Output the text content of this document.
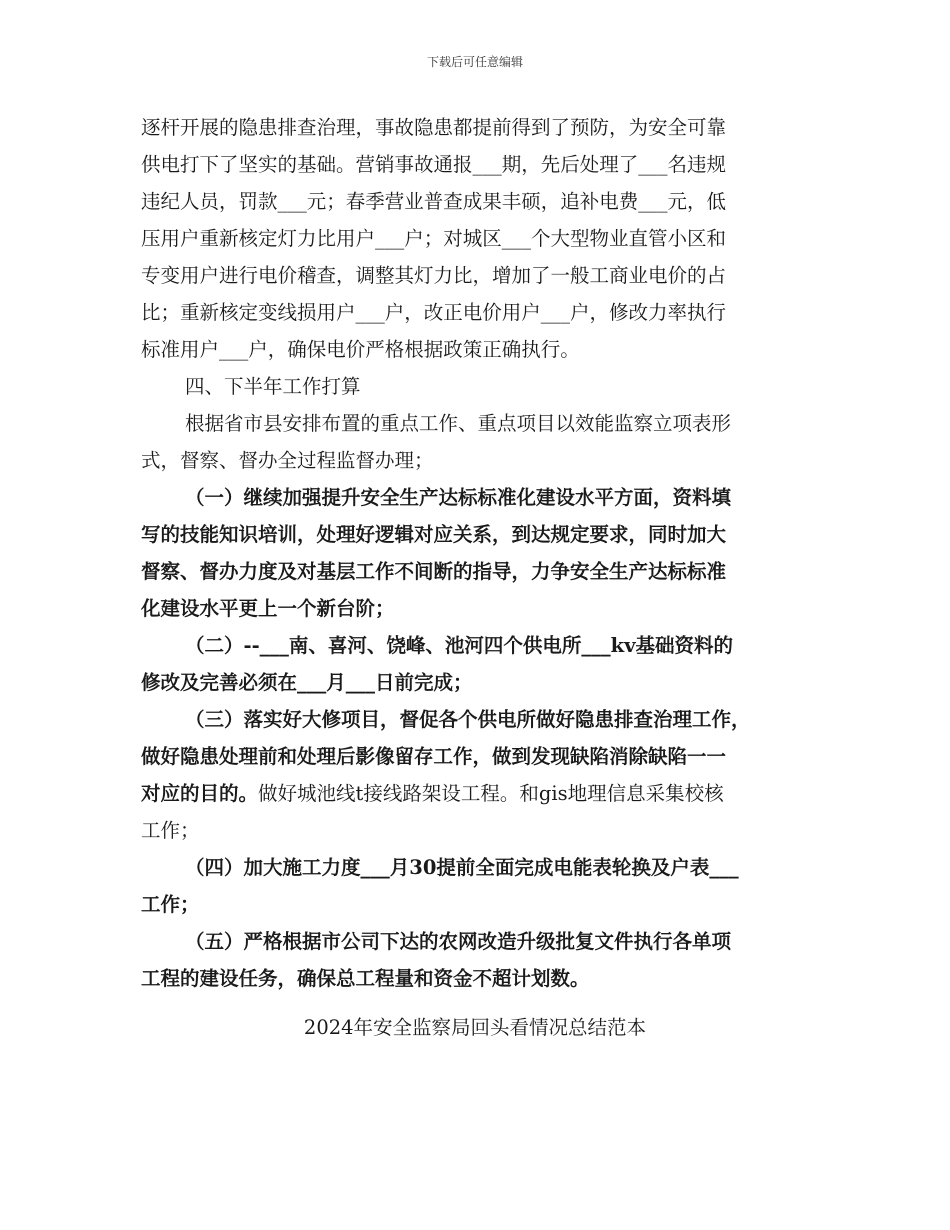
下载后可任意编辑
逐杆开展的隐患排查治理，事故隐患都提前得到了预防，为安全可靠
供电打下了坚实的基础。营销事故通报___期，先后处理了___名违规
违纪人员，罚款___元；春季营业普查成果丰硕，追补电费___元，低
压用户重新核定灯力比用户___户；对城区___个大型物业直管小区和
专变用户进行电价稽查，调整其灯力比，增加了一般工商业电价的占
比；重新核定变线损用户___户，改正电价用户___户，修改力率执行
标准用户___户，确保电价严格根据政策正确执行。
四、下半年工作打算
根据省市县安排布置的重点工作、重点项目以效能监察立项表形
式，督察、督办全过程监督办理；
（一）继续加强提升安全生产达标标准化建设水平方面，资料填
写的技能知识培训，处理好逻辑对应关系，到达规定要求，同时加大
督察、督办力度及对基层工作不间断的指导，力争安全生产达标标准
化建设水平更上一个新台阶；
（二）--___南、喜河、饶峰、池河四个供电所___kv基础资料的
修改及完善必须在___月___日前完成；
（三）落实好大修项目，督促各个供电所做好隐患排查治理工作，
做好隐患处理前和处理后影像留存工作，做到发现缺陷消除缺陷一一
对应的目的。做好城池线t接线路架设工程。和gis地理信息采集校核
工作；
（四）加大施工力度___月30提前全面完成电能表轮换及户表___
工作；
（五）严格根据市公司下达的农网改造升级批复文件执行各单项
工程的建设任务，确保总工程量和资金不超计划数。
2024年安全监察局回头看情况总结范本
